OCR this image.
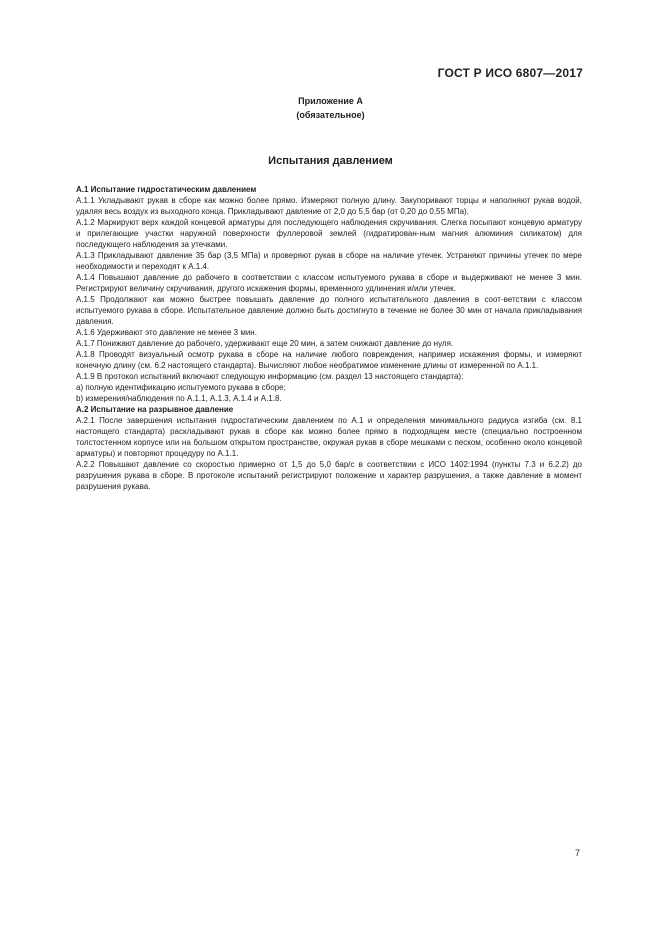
ГОСТ Р ИСО 6807—2017
Приложение А
(обязательное)
Испытания давлением

А.1 Испытание гидростатическим давлением

А.1.1 Укладывают рукав в сборе как можно более прямо. Измеряют полную длину. Закупоривают торцы и наполняют рукав водой, удаляя весь воздух из выходного конца. Прикладывают давление от 2,0 до 5,5 бар (от 0,20 до 0,55 МПа).

А.1.2 Маркируют верх каждой концевой арматуры для последующего наблюдения скручивания. Слегка посыпают концевую арматуру и прилегающие участки наружной поверхности фуллеровой землей (гидратирован-ным магния алюминия силикатом) для последующего наблюдения за утечками.

А.1.3 Прикладывают давление 35 бар (3,5 МПа) и проверяют рукав в сборе на наличие утечек. Устраняют причины утечек по мере необходимости и переходят к А.1.4.

А.1.4 Повышают давление до рабочего в соответствии с классом испытуемого рукава в сборе и выдерживают не менее 3 мин. Регистрируют величину скручивания, другого искажения формы, временного удлинения и/или утечек.

А.1.5 Продолжают как можно быстрее повышать давление до полного испытательного давления в соот-ветствии с классом испытуемого рукава в сборе. Испытательное давление должно быть достигнуто в течение не более 30 мин от начала прикладывания давления.

А.1.6 Удерживают это давление не менее 3 мин.

А.1.7 Понижают давление до рабочего, удерживают еще 20 мин, а затем снижают давление до нуля.

А.1.8 Проводят визуальный осмотр рукава в сборе на наличие любого повреждения, например искажения формы, и измеряют конечную длину (см. 6.2 настоящего стандарта). Вычисляют любое необратимое изменение длины от измеренной по А.1.1.

А.1.9 В протокол испытаний включают следующую информацию (см. раздел 13 настоящего стандарта):

a) полную идентификацию испытуемого рукава в сборе;

b) измерения/наблюдения по А.1.1, А.1.3, А.1.4 и А.1.8.

А.2 Испытание на разрывное давление

А.2.1 После завершения испытания гидростатическим давлением по А.1 и определения минимального радиуса изгиба (см. 8.1 настоящего стандарта) раскладывают рукав в сборе как можно более прямо в подходящем месте (специально построенном толстостенном корпусе или на большом открытом пространстве, окружая рукав в сборе мешками с песком, особенно около концевой арматуры) и повторяют процедуру по А.1.1.

А.2.2 Повышают давление со скоростью примерно от 1,5 до 5,0 бар/с в соответствии с ИСО 1402:1994 (пункты 7.3 и 6.2.2) до разрушения рукава в сборе. В протоколе испытаний регистрируют положение и характер разрушения, а также давление в момент разрушения рукава.

7
